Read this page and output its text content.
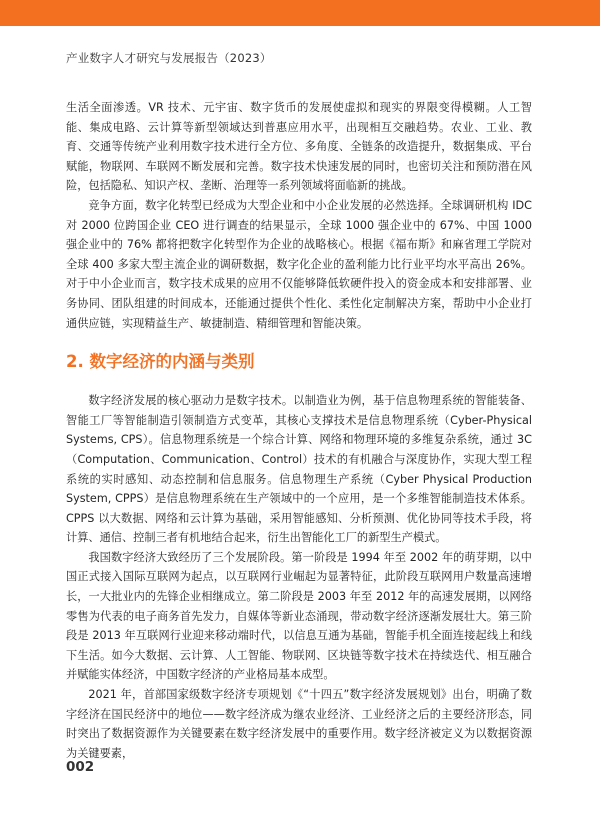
产业数字人才研究与发展报告（2023）

生活全面渗透。VR 技术、元宇宙、数字货币的发展使虚拟和现实的界限变得模糊。人工智能、集成电路、云计算等新型领域达到普惠应用水平，出现相互交融趋势。农业、工业、教育、交通等传统产业利用数字技术进行全方位、多角度、全链条的改造提升，数据集成、平台赋能，物联网、车联网不断发展和完善。数字技术快速发展的同时，也密切关注和预防潜在风险，包括隐私、知识产权、垄断、治理等一系列领域将面临新的挑战。

竞争方面，数字化转型已经成为大型企业和中小企业发展的必然选择。全球调研机构 IDC 对 2000 位跨国企业 CEO 进行调查的结果显示，全球 1000 强企业中的 67%、中国 1000 强企业中的 76% 都将把数字化转型作为企业的战略核心。根据《福布斯》和麻省理工学院对全球 400 多家大型主流企业的调研数据，数字化企业的盈利能力比行业平均水平高出 26%。对于中小企业而言，数字技术成果的应用不仅能够降低软硬件投入的资金成本和安排部署、业务协同、团队组建的时间成本，还能通过提供个性化、柔性化定制解决方案，帮助中小企业打通供应链，实现精益生产、敏捷制造、精细管理和智能决策。

2. 数字经济的内涵与类别

数字经济发展的核心驱动力是数字技术。以制造业为例，基于信息物理系统的智能装备、智能工厂等智能制造引领制造方式变革，其核心支撑技术是信息物理系统（Cyber-Physical Systems, CPS）。信息物理系统是一个综合计算、网络和物理环境的多维复杂系统，通过 3C（Computation、Communication、Control）技术的有机融合与深度协作，实现大型工程系统的实时感知、动态控制和信息服务。信息物理生产系统（Cyber Physical Production System, CPPS）是信息物理系统在生产领域中的一个应用，是一个多维智能制造技术体系。CPPS 以大数据、网络和云计算为基础，采用智能感知、分析预测、优化协同等技术手段，将计算、通信、控制三者有机地结合起来，衍生出智能化工厂的新型生产模式。

我国数字经济大致经历了三个发展阶段。第一阶段是 1994 年至 2002 年的萌芽期，以中国正式接入国际互联网为起点，以互联网行业崛起为显著特征，此阶段互联网用户数量高速增长，一大批业内的先锋企业相继成立。第二阶段是 2003 年至 2012 年的高速发展期，以网络零售为代表的电子商务首先发力，自媒体等新业态涌现，带动数字经济逐渐发展壮大。第三阶段是 2013 年互联网行业迎来移动端时代，以信息互通为基础，智能手机全面连接起线上和线下生活。如今大数据、云计算、人工智能、物联网、区块链等数字技术在持续迭代、相互融合并赋能实体经济，中国数字经济的产业格局基本成型。

2021 年，首部国家级数字经济专项规划《“十四五”数字经济发展规划》出台，明确了数字经济在国民经济中的地位——数字经济成为继农业经济、工业经济之后的主要经济形态，同时突出了数据资源作为关键要素在数字经济发展中的重要作用。数字经济被定义为以数据资源为关键要素，

002
